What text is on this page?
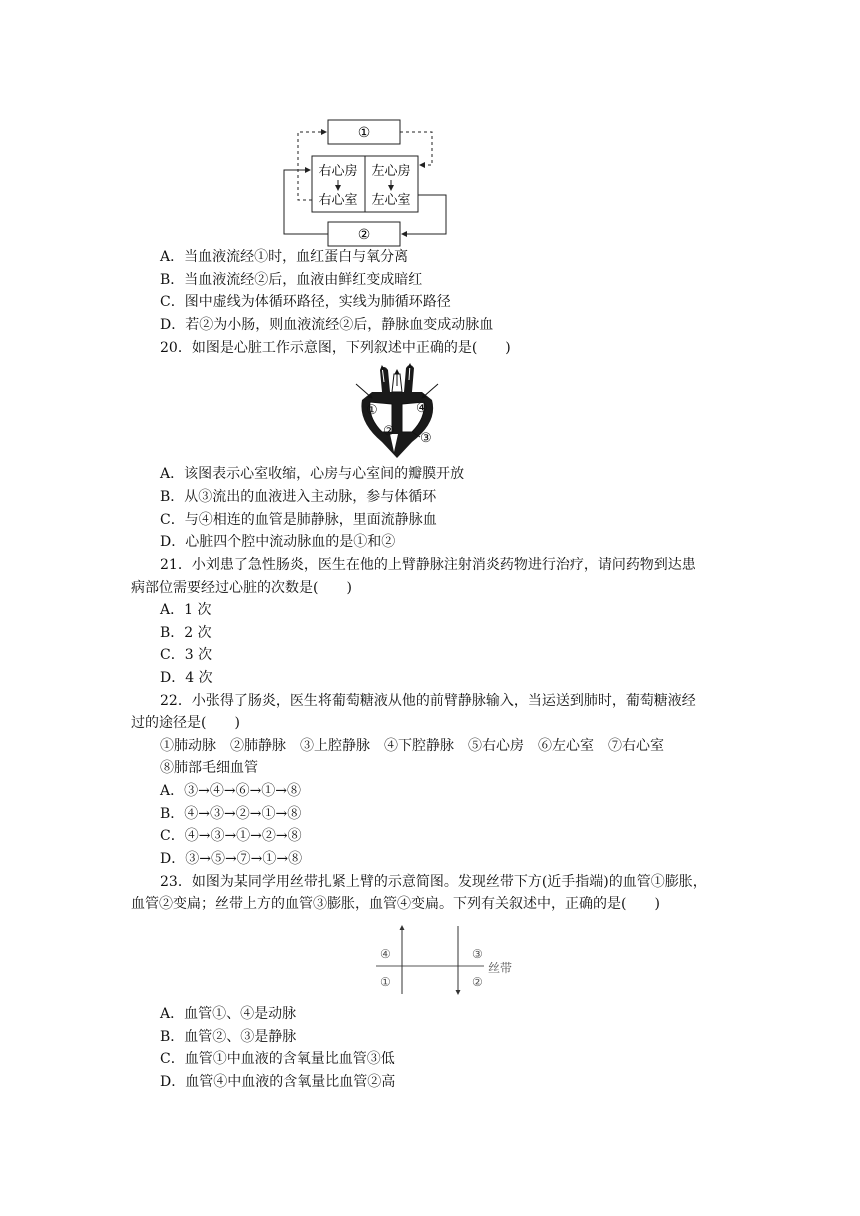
①
右心房 左心房
右心室 左心室
②
A．当血液流经①时，血红蛋白与氧分离
B．当血液流经②后，血液由鲜红变成暗红
C．图中虚线为体循环路径，实线为肺循环路径
D．若②为小肠，则血液流经②后，静脉血变成动脉血
20．如图是心脏工作示意图，下列叙述中正确的是(　　)
①
② ③
④
A．该图表示心室收缩，心房与心室间的瓣膜开放
B．从③流出的血液进入主动脉，参与体循环
C．与④相连的血管是肺静脉，里面流静脉血
D．心脏四个腔中流动脉血的是①和②
21．小刘患了急性肠炎，医生在他的上臂静脉注射消炎药物进行治疗，请问药物到达患
病部位需要经过心脏的次数是(　　)
A．1 次
B．2 次
C．3 次
D．4 次
22．小张得了肠炎，医生将葡萄糖液从他的前臂静脉输入，当运送到肺时，葡萄糖液经
过的途径是(　　)
①肺动脉　②肺静脉　③上腔静脉　④下腔静脉　⑤右心房　⑥左心室　⑦右心室
⑧肺部毛细血管
A．③→④→⑥→①→⑧
B．④→③→②→①→⑧
C．④→③→①→②→⑧
D．③→⑤→⑦→①→⑧
23．如图为某同学用丝带扎紧上臂的示意简图。发现丝带下方(近手指端)的血管①膨胀，
血管②变扁；丝带上方的血管③膨胀，血管④变扁。下列有关叙述中，正确的是(　　)
④
①
③
②
丝带
A．血管①、④是动脉
B．血管②、③是静脉
C．血管①中血液的含氧量比血管③低
D．血管④中血液的含氧量比血管②高
